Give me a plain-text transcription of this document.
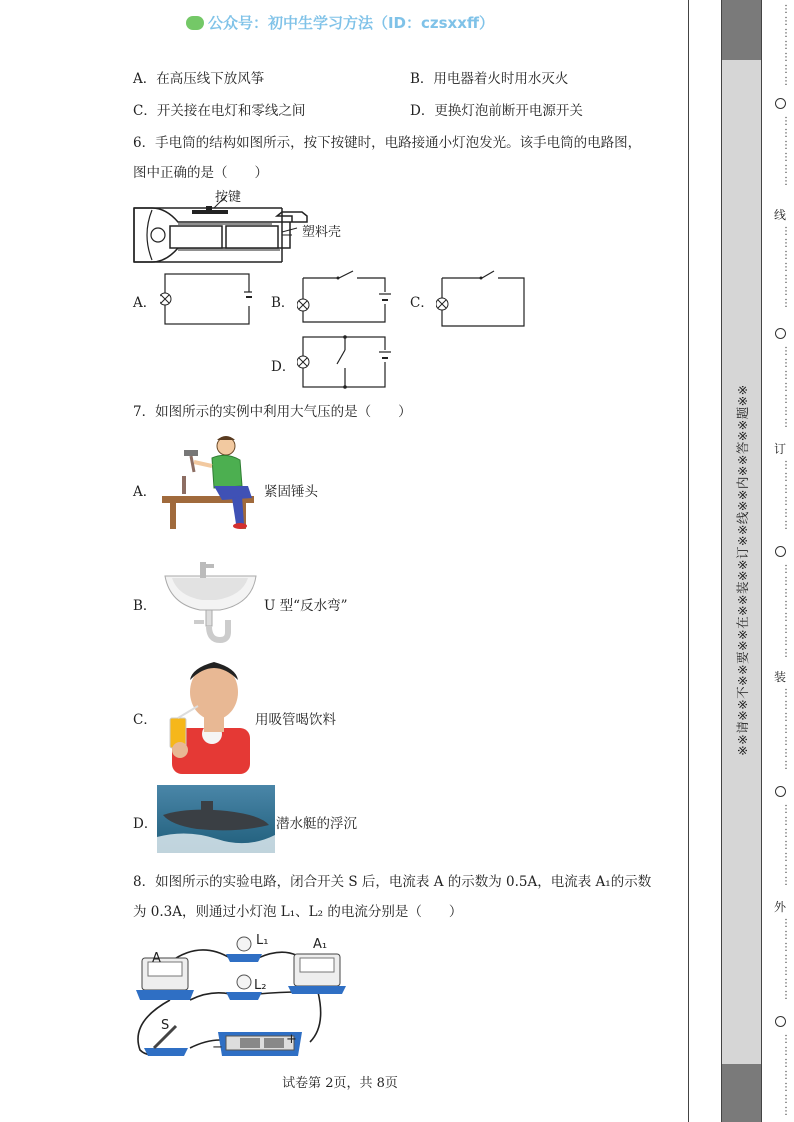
公众号：初中生学习方法（ID：czsxxff）
A．在高压线下放风筝	B．用电器着火时用水灭火
C．开关接在电灯和零线之间	D．更换灯泡前断开电源开关
6．手电筒的结构如图所示，按下按键时，电路接通小灯泡发光。该手电筒的电路图，
图中正确的是（　　）
按键
塑料壳
A．	B．	C．
D．
7．如图所示的实例中利用大气压的是（　　）
A．	紧固锤头
B．	U 型“反水弯”
C．	用吸管喝饮料
D．	潜水艇的浮沉
8．如图所示的实验电路，闭合开关 S 后，电流表 A 的示数为 0.5A，电流表 A₁的示数
为 0.3A，则通过小灯泡 L₁、L₂ 的电流分别是（　　）
A
A₁
L₁
L₂
S
−
+
试卷第 2页，共 8页
※※请※※不※※要※※在※※装※※订※※线※※内※※答※※题※※
⋮
⋮
⋮
⋮
⋮
⋮
⋮
⋮
⋮
⋮
⋮
⋮
⋮
线
⋮
⋮
⋮
⋮
⋮
⋮
⋮
⋮
⋮
⋮
⋮
⋮
⋮
⋮
订
⋮
⋮
⋮
⋮
⋮
⋮
⋮
⋮
⋮
⋮
⋮
⋮
⋮
⋮
装
⋮
⋮
⋮
⋮
⋮
⋮
⋮
⋮
⋮
⋮
⋮
⋮
⋮
⋮
外
⋮
⋮
⋮
⋮
⋮
⋮
⋮
⋮
⋮
⋮
⋮
⋮
⋮
⋮
